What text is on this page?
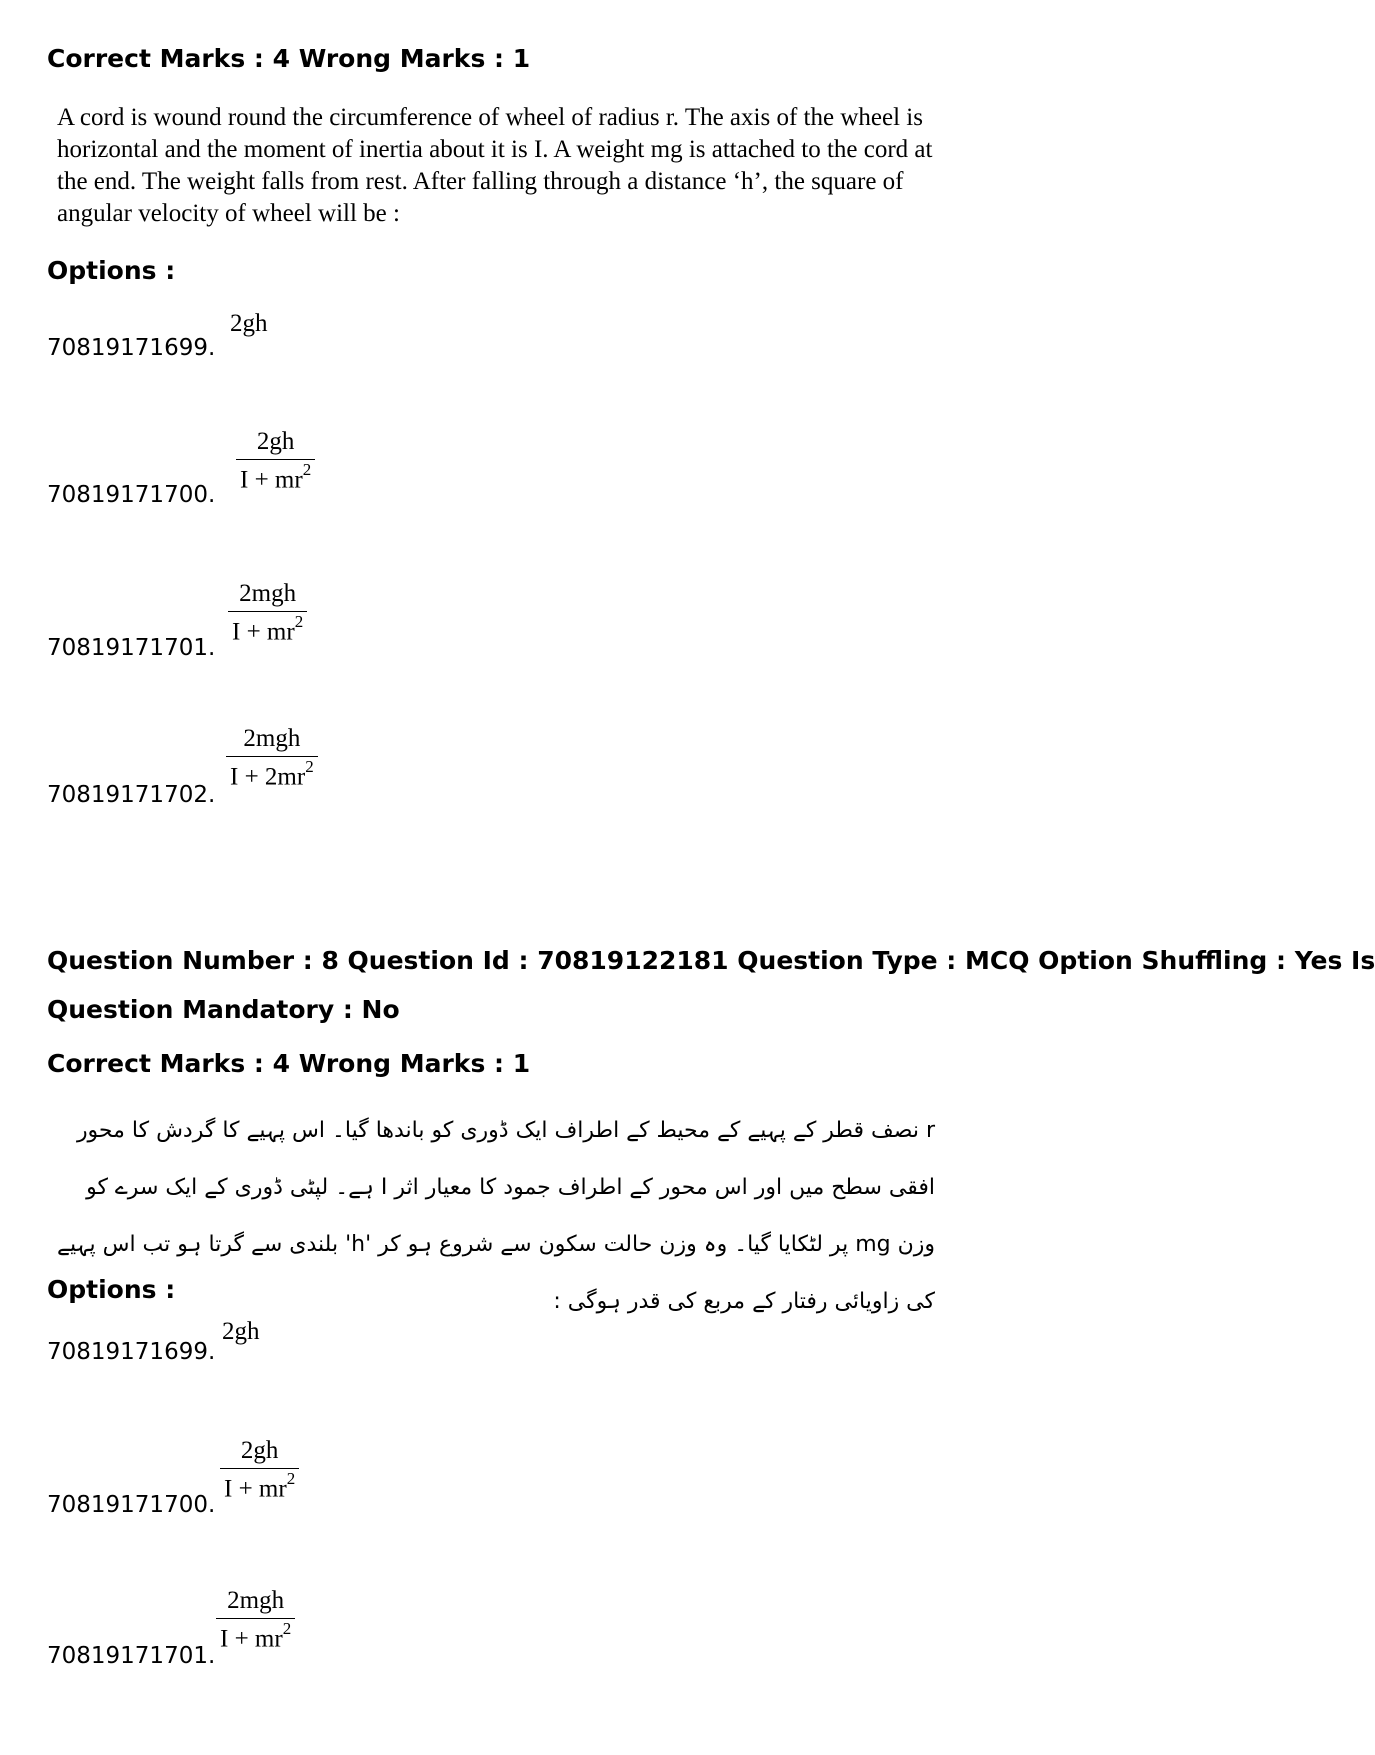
Correct Marks : 4 Wrong Marks : 1
A cord is wound round the circumference of wheel of radius r. The axis of the wheel is horizontal and the moment of inertia about it is I. A weight mg is attached to the cord at the end. The weight falls from rest. After falling through a distance ‘h’, the square of angular velocity of wheel will be :
Options :
70819171699.
2gh
70819171700.
$\frac{2gh}{I + mr^2}$
70819171701.
$\frac{\text{2mgh}}{I + mr^2}$
70819171702.
$\frac{\text{2mgh}}{I + 2mr^2}$
Question Number : 8 Question Id : 70819122181 Question Type : MCQ Option Shuffling : Yes Is
Question Mandatory : No
Correct Marks : 4 Wrong Marks : 1
r نصف قطر کے پہیے کے محیط کے اطراف ایک ڈوری کو باندھا گیا۔ اس پہیے کا گردش کا محور افقی سطح میں اور اس محور کے اطراف جمود کا معیار اثر I ہے۔ لپٹی ڈوری کے ایک سرے کو وزن mg پر لٹکایا گیا۔ وہ وزن حالت سکون سے شروع ہو کر 'h' بلندی سے گرتا ہو تب اس پہیے کی زاویائی رفتار کے مربع کی قدر ہوگی :
Options :
70819171699.
2gh
70819171700.
$\frac{2gh}{I + mr^2}$
70819171701.
$\frac{\text{2mgh}}{I + mr^2}$
